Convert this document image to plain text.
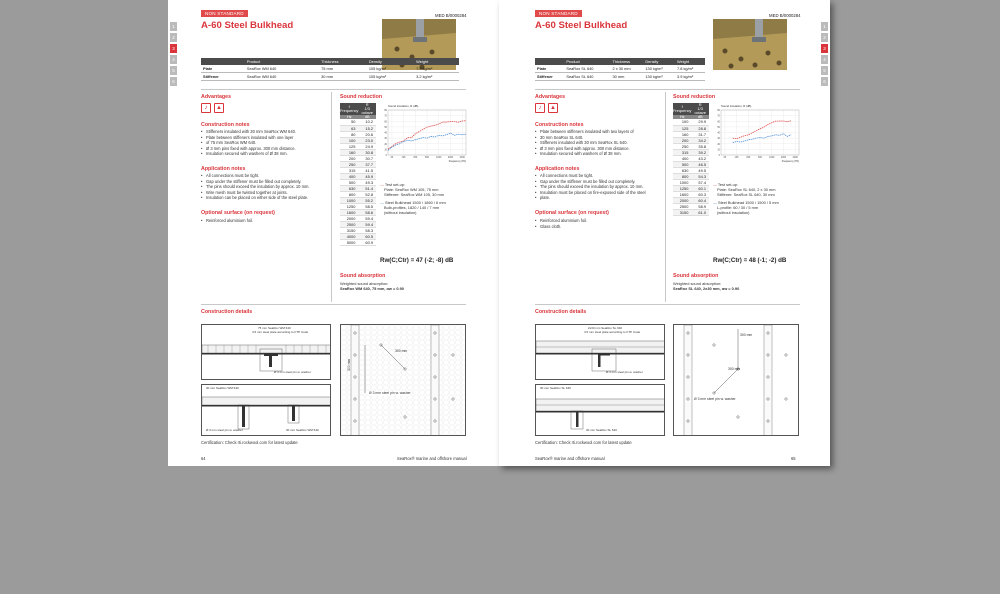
NON STANDARD	MED B/0000284
A-60 Steel Bulkhead
1
2
3
4
5
6
	Product	Thickness	Density	Weight
Plate	SeaRox WM 640	75 mm	105 kg/m³	7.9 kg/m²
Stiffener	SeaRox WM 640	30 mm	105 kg/m³	3.2 kg/m²
Advantages
♪	▲
Construction notes
• Stiffeners insulated with 30 mm SeaRox WM 640.
• Plate between stiffeners insulated with one layer
• of 75 mm SeaRox WM 640.
• Ø 3 mm pins fixed with approx. 300 mm distance.
• Insulation secured with washers of Ø 38 mm.
Application notes
• All connections must be tight.
• Gap under the stiffener must be filled out completely.
• The pins should exceed the insulation by approx. 10 mm.
• Wire mesh must be twisted together at joints.
• Insulation can be placed on either side of the steel plate.
Optional surface (on request)
• Reinforced aluminium foil.
Sound reduction
f
Frequency	R
1/3 octave
Hz	dB
50	10.2
63	15.2
80	20.6
100	23.0
125	24.9
160	30.8
200	30.7
250	37.7
315	41.5
400	45.9
500	49.3
630	51.4
800	52.8
1000	55.2
1250	58.5
1600	58.6
2000	59.4
2500	59.4
3150	58.3
4000	60.5
5000	60.9
Sound insulation, R (dB)
0
10
20
30
40
50
60
70
80
63	125	250	500	1000	2000	4000
Frequency (Hz)
— Test set-up:
Plate: SeaRox WM 105, 75 mm
Stiffener: SeaRox WM 105, 30 mm
— Steel Bulkhead 1500 / 1860 / 6 mm
Bulb-profiles, 1820 / 140 / 7 mm
(without insulation)
Rw(C;Ctr) = 47 (-2; -8) dB
Sound absorption
Weighted sound absorption:
SeaRox WM 640, 75 mm, αw = 0.90
Construction details
75 mm SeaRox WM 640
4.5 mm steel plate according to FTP Code
Ø 3 mm steel pin w. washer
30 mm SeaRox WM 640
Ø 3 mm steel pin w. washer	30 mm SeaRox WM 640
300 mm
300 mm
Ø 3 mm steel pin w. washer
Certification: Check rti.rockwool.com for latest update
64	SeaRox® marine and offshore manual
NON STANDARD	MED B/0000284
A-60 Steel Bulkhead	1
2
3
4
5
6
	Product	Thickness	Density	Weight
Plate	SeaRox SL 640	2 x 30 mm	130 kg/m³	7.8 kg/m²
Stiffener	SeaRox SL 640	30 mm	130 kg/m³	3.9 kg/m²
Advantages
♪	▲
Construction notes
• Plate between stiffeners insulated with two layers of
• 30 mm SeaRox SL 640.
• Stiffeners insulated with 30 mm SeaRox SL 640.
• Ø 3 mm pins fixed with approx. 300 mm distance.
• Insulation secured with washers of Ø 38 mm.
Application notes
• All connections must be tight.
• Gap under the stiffener must be filled out completely.
• The pins should exceed the insulation by approx. 10 mm.
• Insulation must be placed on fire-exposed side of the steel
• plate.
Optional surface (on request)
• Reinforced aluminium foil.
• Glass cloth.
Sound reduction
f
Frequency	R
1/3 octave
Hz	dB
100	29.9
125	28.8
160	31.7
200	34.2
250	35.8
315	39.2
400	43.2
500	46.5
630	49.5
800	54.3
1000	57.4
1250	60.1
1600	60.3
2000	60.4
2500	58.9
3150	61.0
Sound insulation, R (dB)
0
10
20
30
40
50
60
70
80
63	125	250	500	1000	2000	4000
Frequency (Hz)
— Test set-up:
Plate: SeaRox SL 640, 2 x 30 mm
Stiffener: SeaRox SL 640, 30 mm
— Steel Bulkhead 1500 / 1500 / 5 mm
L-profile: 60 / 30 / 5 mm
(without insulation)
Rw(C;Ctr) = 48 (-1; -2) dB
Sound absorption
Weighted sound absorption:
SeaRox SL 640, 2x30 mm, αw = 0.90
Construction details
2x30 mm SeaRox SL 640
4.5 mm steel plate according to FTP Code
Ø 3 mm steel pin w. washer
30 mm SeaRox SL 640
30 mm SeaRox SL 640
300 mm
300 mm
Ø 3 mm steel pin w. washer
Certification: Check rti.rockwool.com for latest update
SeaRox® marine and offshore manual	65
